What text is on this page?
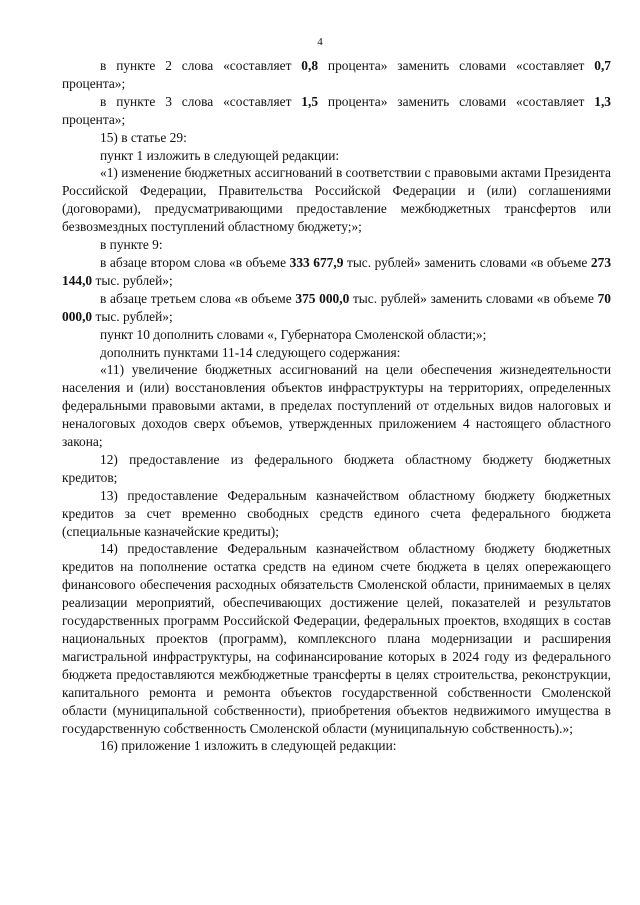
4

в пункте 2 слова «составляет 0,8 процента» заменить словами «составляет 0,7 процента»;

в пункте 3 слова «составляет 1,5 процента» заменить словами «составляет 1,3 процента»;

15) в статье 29:

пункт 1 изложить в следующей редакции:

«1) изменение бюджетных ассигнований в соответствии с правовыми актами Президента Российской Федерации, Правительства Российской Федерации и (или) соглашениями (договорами), предусматривающими предоставление межбюджетных трансфертов или безвозмездных поступлений областному бюджету;»;

в пункте 9:

в абзаце втором слова «в объеме 333 677,9 тыс. рублей» заменить словами «в объеме 273 144,0 тыс. рублей»;

в абзаце третьем слова «в объеме 375 000,0 тыс. рублей» заменить словами «в объеме 70 000,0 тыс. рублей»;

пункт 10 дополнить словами «, Губернатора Смоленской области;»;

дополнить пунктами 11-14 следующего содержания:

«11) увеличение бюджетных ассигнований на цели обеспечения жизнедеятельности населения и (или) восстановления объектов инфраструктуры на территориях, определенных федеральными правовыми актами, в пределах поступлений от отдельных видов налоговых и неналоговых доходов сверх объемов, утвержденных приложением 4 настоящего областного закона;

12) предоставление из федерального бюджета областному бюджету бюджетных кредитов;

13) предоставление Федеральным казначейством областному бюджету бюджетных кредитов за счет временно свободных средств единого счета федерального бюджета (специальные казначейские кредиты);

14) предоставление Федеральным казначейством областному бюджету бюджетных кредитов на пополнение остатка средств на едином счете бюджета в целях опережающего финансового обеспечения расходных обязательств Смоленской области, принимаемых в целях реализации мероприятий, обеспечивающих достижение целей, показателей и результатов государственных программ Российской Федерации, федеральных проектов, входящих в состав национальных проектов (программ), комплексного плана модернизации и расширения магистральной инфраструктуры, на софинансирование которых в 2024 году из федерального бюджета предоставляются межбюджетные трансферты в целях строительства, реконструкции, капитального ремонта и ремонта объектов государственной собственности Смоленской области (муниципальной собственности), приобретения объектов недвижимого имущества в государственную собственность Смоленской области (муниципальную собственность).»;

16) приложение 1 изложить в следующей редакции:
